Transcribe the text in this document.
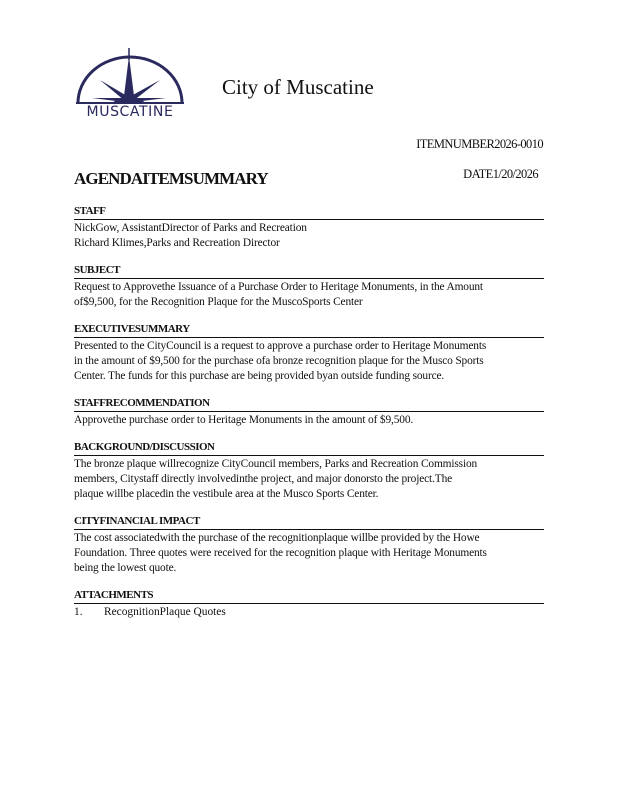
MUSCATINE
City of Muscatine
ITEMNUMBER2026-0010
AGENDAITEMSUMMARY	DATE1/20/2026
STAFF
NickGow, AssistantDirector of Parks and Recreation
Richard Klimes,Parks and Recreation Director
SUBJECT
Request to Approvethe Issuance of a Purchase Order to Heritage Monuments, in the Amount
of$9,500, for the Recognition Plaque for the MuscoSports Center
EXECUTIVESUMMARY
Presented to the CityCouncil is a request to approve a purchase order to Heritage Monuments
in the amount of $9,500 for the purchase ofa bronze recognition plaque for the Musco Sports
Center. The funds for this purchase are being provided byan outside funding source.
STAFFRECOMMENDATION
Approvethe purchase order to Heritage Monuments in the amount of $9,500.
BACKGROUND/DISCUSSION
The bronze plaque willrecognize CityCouncil members, Parks and Recreation Commission
members, Citystaff directly involvedinthe project, and major donorsto the project.The
plaque willbe placedin the vestibule area at the Musco Sports Center.
CITYFINANCIAL IMPACT
The cost associatedwith the purchase of the recognitionplaque willbe provided by the Howe
Foundation. Three quotes were received for the recognition plaque with Heritage Monuments
being the lowest quote.
ATTACHMENTS
1.	RecognitionPlaque Quotes
